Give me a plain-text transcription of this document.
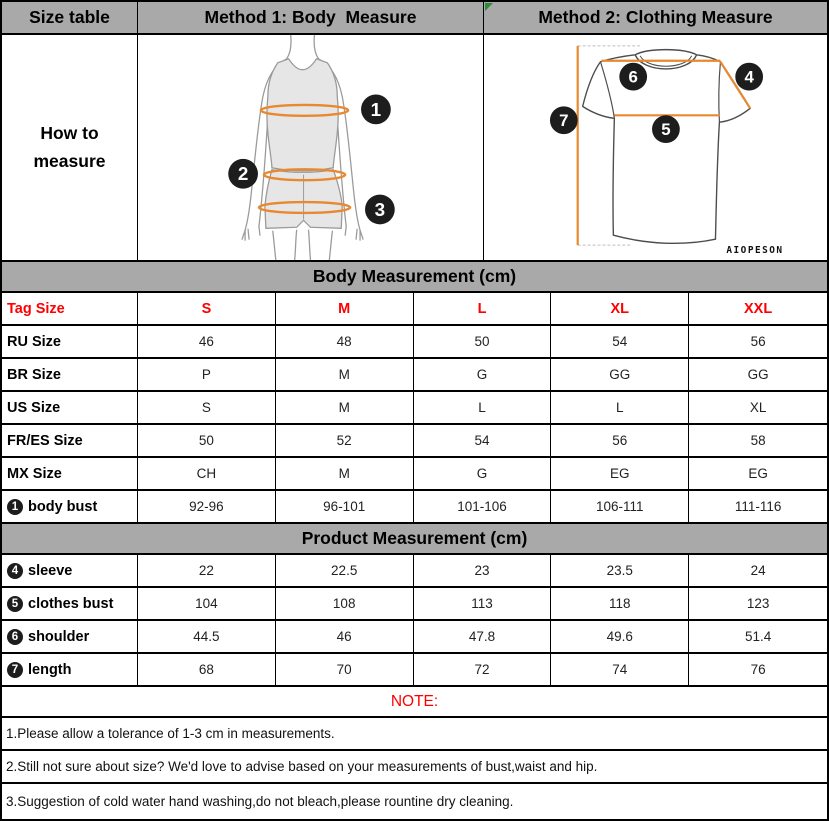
Size table	Method 1: Body  Measure	Method 2: Clothing Measure
How to measure
1
2
3
6	4
7	5
AIOPESON
Body Measurement (cm)
Tag Size	S	M	L	XL	XXL
RU Size	46	48	50	54	56
BR Size	P	M	G	GG	GG
US Size	S	M	L	L	XL
FR/ES Size	50	52	54	56	58
MX Size	CH	M	G	EG	EG
1 body bust	92-96	96-101	101-106	106-111	111-116
Product Measurement (cm)
4 sleeve	22	22.5	23	23.5	24
5 clothes bust	104	108	113	118	123
6 shoulder	44.5	46	47.8	49.6	51.4
7 length	68	70	72	74	76
NOTE:
1.Please allow a tolerance of 1-3 cm in measurements.
2.Still not sure about size? We'd love to advise based on your measurements of bust,waist and hip.
3.Suggestion of cold water hand washing,do not bleach,please rountine dry cleaning.
